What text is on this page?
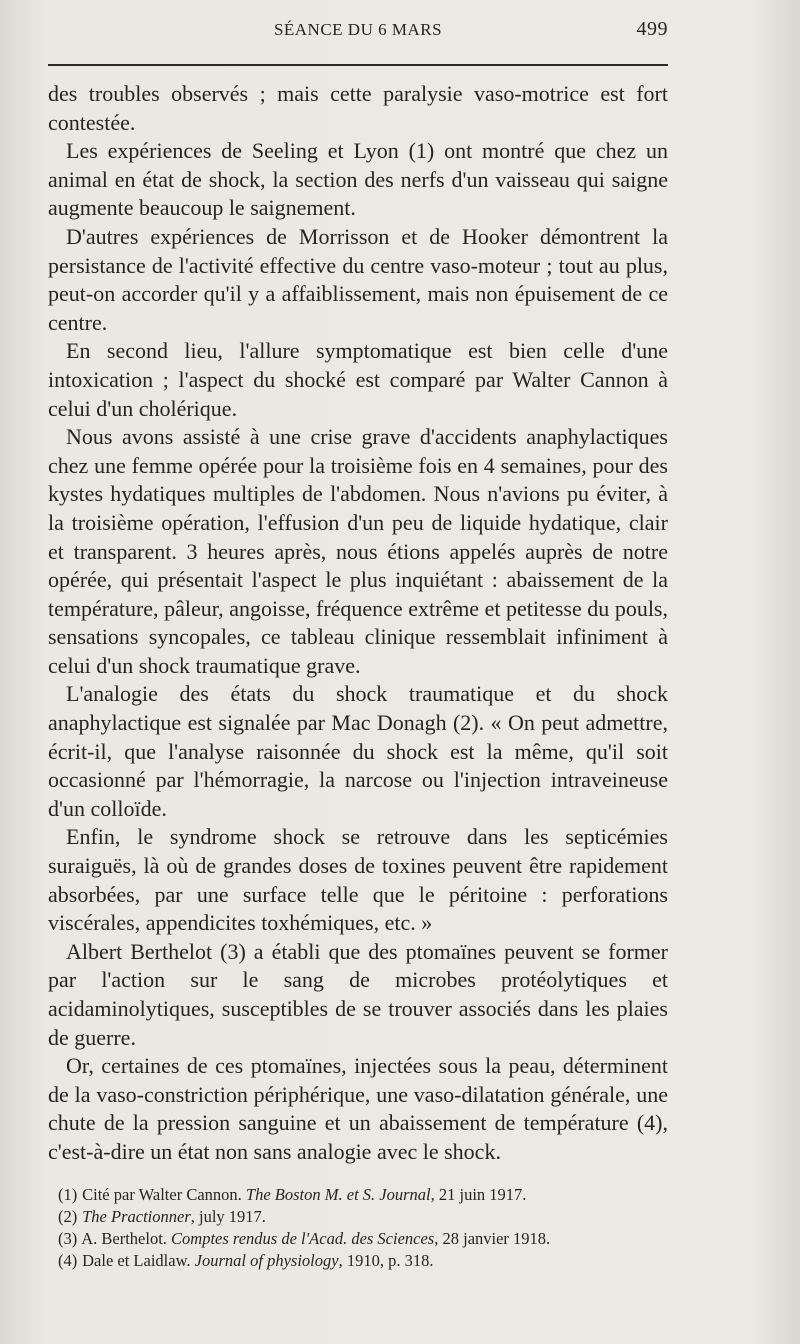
SÉANCE DU 6 MARS	499

des troubles observés ; mais cette paralysie vaso-motrice est fort contestée.

Les expériences de Seeling et Lyon (1) ont montré que chez un animal en état de shock, la section des nerfs d'un vaisseau qui saigne augmente beaucoup le saignement.

D'autres expériences de Morrisson et de Hooker démontrent la persistance de l'activité effective du centre vaso-moteur ; tout au plus, peut-on accorder qu'il y a affaiblissement, mais non épuisement de ce centre.

En second lieu, l'allure symptomatique est bien celle d'une intoxication ; l'aspect du shocké est comparé par Walter Cannon à celui d'un cholérique.

Nous avons assisté à une crise grave d'accidents anaphylactiques chez une femme opérée pour la troisième fois en 4 semaines, pour des kystes hydatiques multiples de l'abdomen. Nous n'avions pu éviter, à la troisième opération, l'effusion d'un peu de liquide hydatique, clair et transparent. 3 heures après, nous étions appelés auprès de notre opérée, qui présentait l'aspect le plus inquiétant : abaissement de la température, pâleur, angoisse, fréquence extrême et petitesse du pouls, sensations syncopales, ce tableau clinique ressemblait infiniment à celui d'un shock traumatique grave.

L'analogie des états du shock traumatique et du shock anaphylactique est signalée par Mac Donagh (2). « On peut admettre, écrit-il, que l'analyse raisonnée du shock est la même, qu'il soit occasionné par l'hémorragie, la narcose ou l'injection intraveineuse d'un colloïde.

Enfin, le syndrome shock se retrouve dans les septicémies suraiguës, là où de grandes doses de toxines peuvent être rapidement absorbées, par une surface telle que le péritoine : perforations viscérales, appendicites toxhémiques, etc. »

Albert Berthelot (3) a établi que des ptomaïnes peuvent se former par l'action sur le sang de microbes protéolytiques et acidaminolytiques, susceptibles de se trouver associés dans les plaies de guerre.

Or, certaines de ces ptomaïnes, injectées sous la peau, déterminent de la vaso-constriction périphérique, une vaso-dilatation générale, une chute de la pression sanguine et un abaissement de température (4), c'est-à-dire un état non sans analogie avec le shock.

(1) Cité par Walter Cannon. The Boston M. et S. Journal, 21 juin 1917.

(2) The Practionner, july 1917.

(3) A. Berthelot. Comptes rendus de l'Acad. des Sciences, 28 janvier 1918.

(4) Dale et Laidlaw. Journal of physiology, 1910, p. 318.
